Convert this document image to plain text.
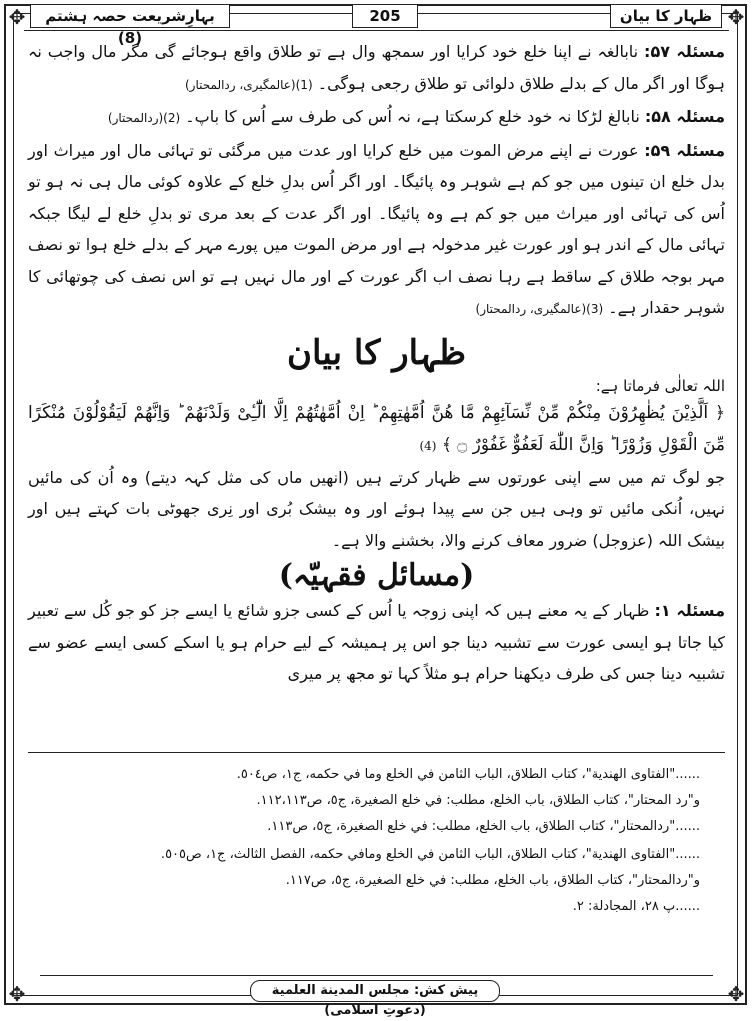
✥	✥
✥	✥
بہارِشریعت حصہ ہشتم (8)
205	ظہار کا بیان

مسئلہ ۵۷: نابالغہ نے اپنا خلع خود کرایا اور سمجھ وال ہے تو طلاق واقع ہوجائے گی مگر مال واجب نہ ہوگا اور اگر مال کے بدلے طلاق دلوائی تو طلاق رجعی ہوگی۔ (1)(عالمگیری، ردالمحتار)

مسئلہ ۵۸: نابالغ لڑکا نہ خود خلع کرسکتا ہے، نہ اُس کی طرف سے اُس کا باپ۔ (2)(ردالمحتار)

مسئلہ ۵۹: عورت نے اپنے مرض الموت میں خلع کرایا اور عدت میں مرگئی تو تہائی مال اور میراث اور بدل خلع ان تینوں میں جو کم ہے شوہر وہ پائیگا۔ اور اگر اُس بدلِ خلع کے علاوہ کوئی مال ہی نہ ہو تو اُس کی تہائی اور میراث میں جو کم ہے وہ پائیگا۔ اور اگر عدت کے بعد مری تو بدلِ خلع لے لیگا جبکہ تہائی مال کے اندر ہو اور عورت غیر مدخولہ ہے اور مرض الموت میں پورے مہر کے بدلے خلع ہوا تو نصف مہر بوجہ طلاق کے ساقط ہے رہا نصف اب اگر عورت کے اور مال نہیں ہے تو اس نصف کی چوتھائی کا شوہر حقدار ہے۔ (3)(عالمگیری، ردالمحتار)

ظہار کا بیان
اللہ تعالٰی فرماتا ہے:

﴿ اَلَّذِيْنَ يُظٰهِرُوْنَ مِنْكُمْ مِّنْ نِّسَآئِهِمْ مَّا هُنَّ اُمَّهٰتِهِمْ ؕ اِنْ اُمَّهٰتُهُمْ اِلَّا الّٰٓـِٔىْ وَلَدْنَهُمْ ؕ وَاِنَّهُمْ لَيَقُوْلُوْنَ مُنْكَرًا مِّنَ الْقَوْلِ وَزُوْرًا ؕ وَاِنَّ اللّٰهَ لَعَفُوٌّ غَفُوْرٌ ۝ ﴾ (4)

جو لوگ تم میں سے اپنی عورتوں سے ظہار کرتے ہیں (انھیں ماں کی مثل کہہ دیتے) وہ اُن کی مائیں نہیں، اُنکی مائیں تو وہی ہیں جن سے پیدا ہوئے اور وہ بیشک بُری اور نِری جھوٹی بات کہتے ہیں اور بیشک اللہ (عزوجل) ضرور معاف کرنے والا، بخشنے والا ہے۔

(مسائل فقہیّہ)

مسئلہ ۱: ظہار کے یہ معنے ہیں کہ اپنی زوجہ یا اُس کے کسی جزو شائع یا ایسے جز کو جو کُل سے تعبیر کیا جاتا ہو ایسی عورت سے تشبیہ دینا جو اس پر ہمیشہ کے لیے حرام ہو یا اسکے کسی ایسے عضو سے تشبیہ دینا جس کی طرف دیکھنا حرام ہو مثلاً کہا تو مجھ پر میری

......"الفتاوی الهندیة"، کتاب الطلاق، الباب الثامن في الخلع وما في حکمه، ج١، ص٥٠٤.
و"رد المحتار"، کتاب الطلاق، باب الخلع، مطلب: في خلع الصغیرة، ج٥، ص١١٢،١١٣.
......"ردالمحتار"، کتاب الطلاق، باب الخلع، مطلب: في خلع الصغیرة، ج٥، ص١١٣.
......"الفتاوی الهندیة"، کتاب الطلاق، الباب الثامن في الخلع ومافي حکمه، الفصل الثالث، ج١، ص٥٠٥.
و"ردالمحتار"، کتاب الطلاق، باب الخلع، مطلب: في خلع الصغیرة، ج٥، ص١١٧.
......پ ٢٨، المجادلة: ٢.
پیش کش: مجلس المدینة العلمیة (دعوتِ اسلامی)
